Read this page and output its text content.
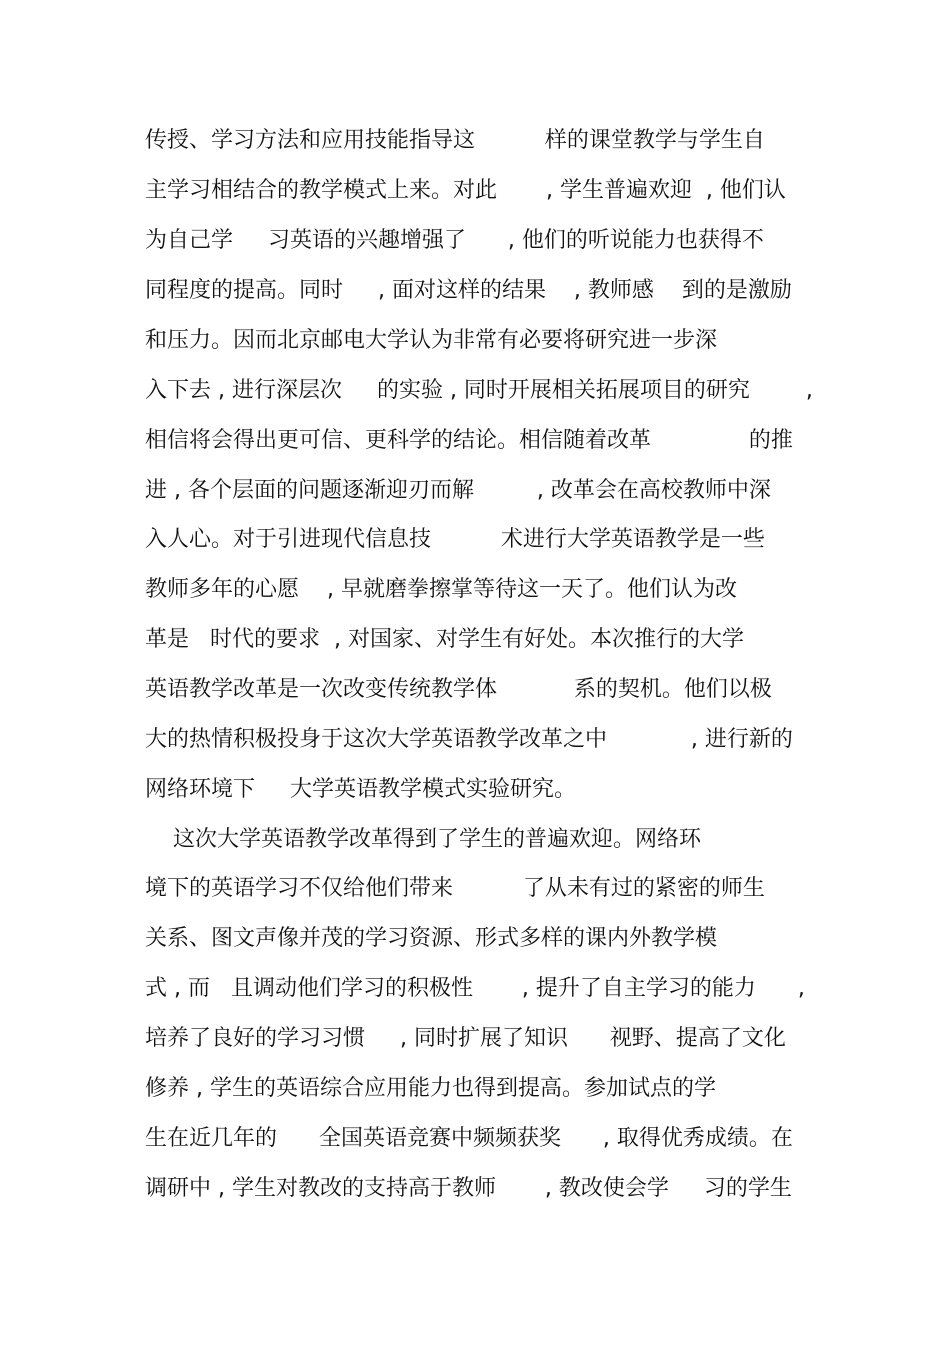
传授、学习方法和应用技能指导这          样的课堂教学与学生自
主学习相结合的教学模式上来。对此       , 学生普遍欢迎  , 他们认
为自己学     习英语的兴趣增强了      , 他们的听说能力也获得不
同程度的提高。同时     , 面对这样的结果    , 教师感    到的是激励
和压力。因而北京邮电大学认为非常有必要将研究进一步深
入下去 , 进行深层次     的实验 , 同时开展相关拓展项目的研究        ,
相信将会得出更可信、更科学的结论。相信随着改革              的推
进 , 各个层面的问题逐渐迎刃而解         , 改革会在高校教师中深
入人心。对于引进现代信息技          术进行大学英语教学是一些
教师多年的心愿    , 早就磨拳擦掌等待这一天了。他们认为改
革是   时代的要求  , 对国家、对学生有好处。本次推行的大学
英语教学改革是一次改变传统教学体           系的契机。他们以极
大的热情积极投身于这次大学英语教学改革之中            , 进行新的
网络环境下     大学英语教学模式实验研究。
这次大学英语教学改革得到了学生的普遍欢迎。网络环
境下的英语学习不仅给他们带来          了从未有过的紧密的师生
关系、图文声像并茂的学习资源、形式多样的课内外教学模
式 , 而   且调动他们学习的积极性       , 提升了自主学习的能力      ,
培养了良好的学习习惯     , 同时扩展了知识      视野、提高了文化
修养 , 学生的英语综合应用能力也得到提高。参加试点的学
生在近几年的      全国英语竞赛中频频获奖      , 取得优秀成绩。在
调研中 , 学生对教改的支持高于教师       , 教改使会学     习的学生
